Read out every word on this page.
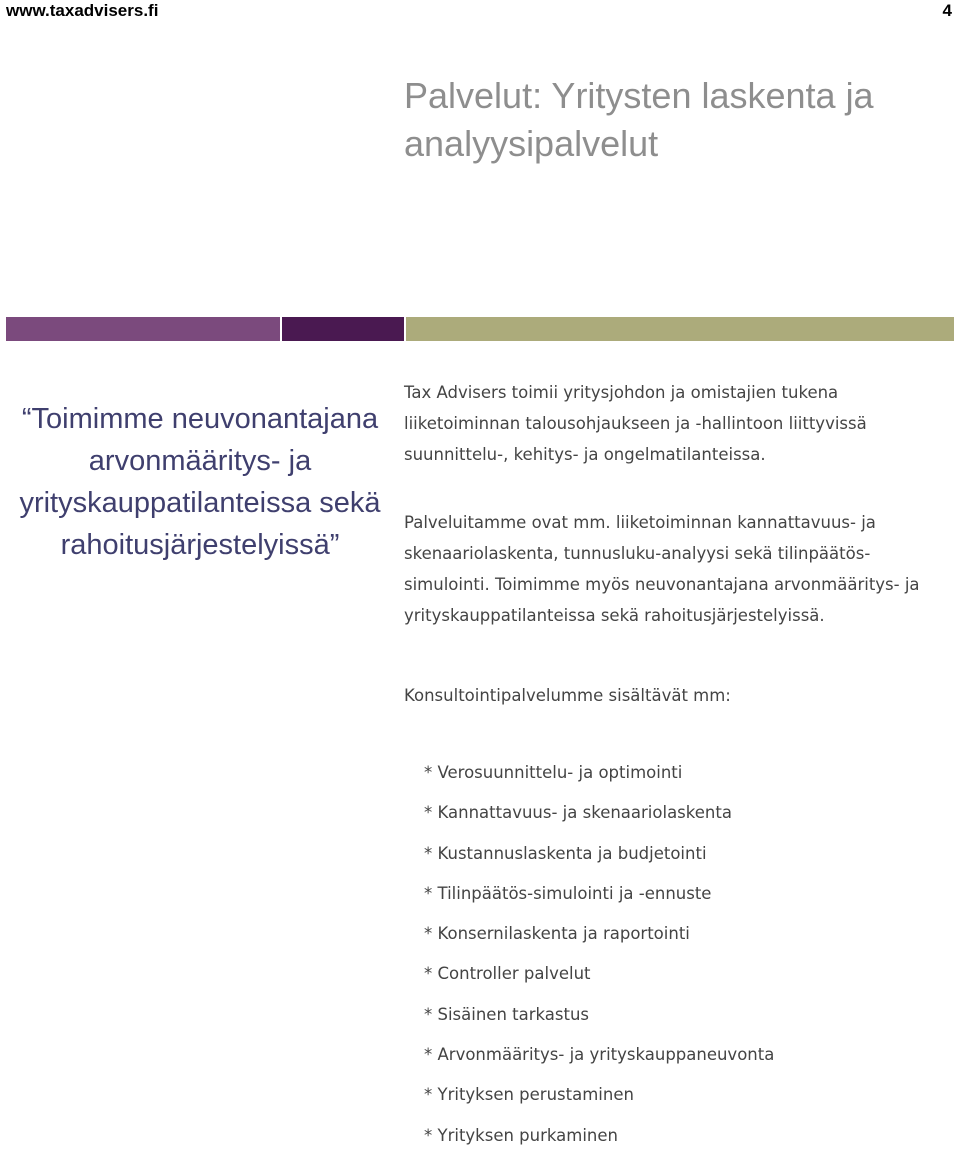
www.taxadvisers.fi	4
Palvelut: Yritysten laskenta ja analyysipalvelut
“Toimimme neuvonantajana arvonmääritys- ja yrityskauppatilanteissa sekä rahoitusjärjestelyissä”
Tax Advisers toimii yritysjohdon ja omistajien tukena liiketoiminnan talousohjaukseen ja -hallintoon liittyvissä suunnittelu-, kehitys- ja ongelmatilanteissa.
Palveluitamme ovat mm. liiketoiminnan kannattavuus- ja skenaariolaskenta, tunnusluku-analyysi sekä tilinpäätös-simulointi. Toimimme myös neuvonantajana arvonmääritys- ja yrityskauppatilanteissa sekä rahoitusjärjestelyissä.
Konsultointipalvelumme sisältävät mm:
* Verosuunnittelu- ja optimointi
* Kannattavuus- ja skenaariolaskenta
* Kustannuslaskenta ja budjetointi
* Tilinpäätös-simulointi ja -ennuste
* Konsernilaskenta ja raportointi
* Controller palvelut
* Sisäinen tarkastus
* Arvonmääritys- ja yrityskauppaneuvonta
* Yrityksen perustaminen
* Yrityksen purkaminen
